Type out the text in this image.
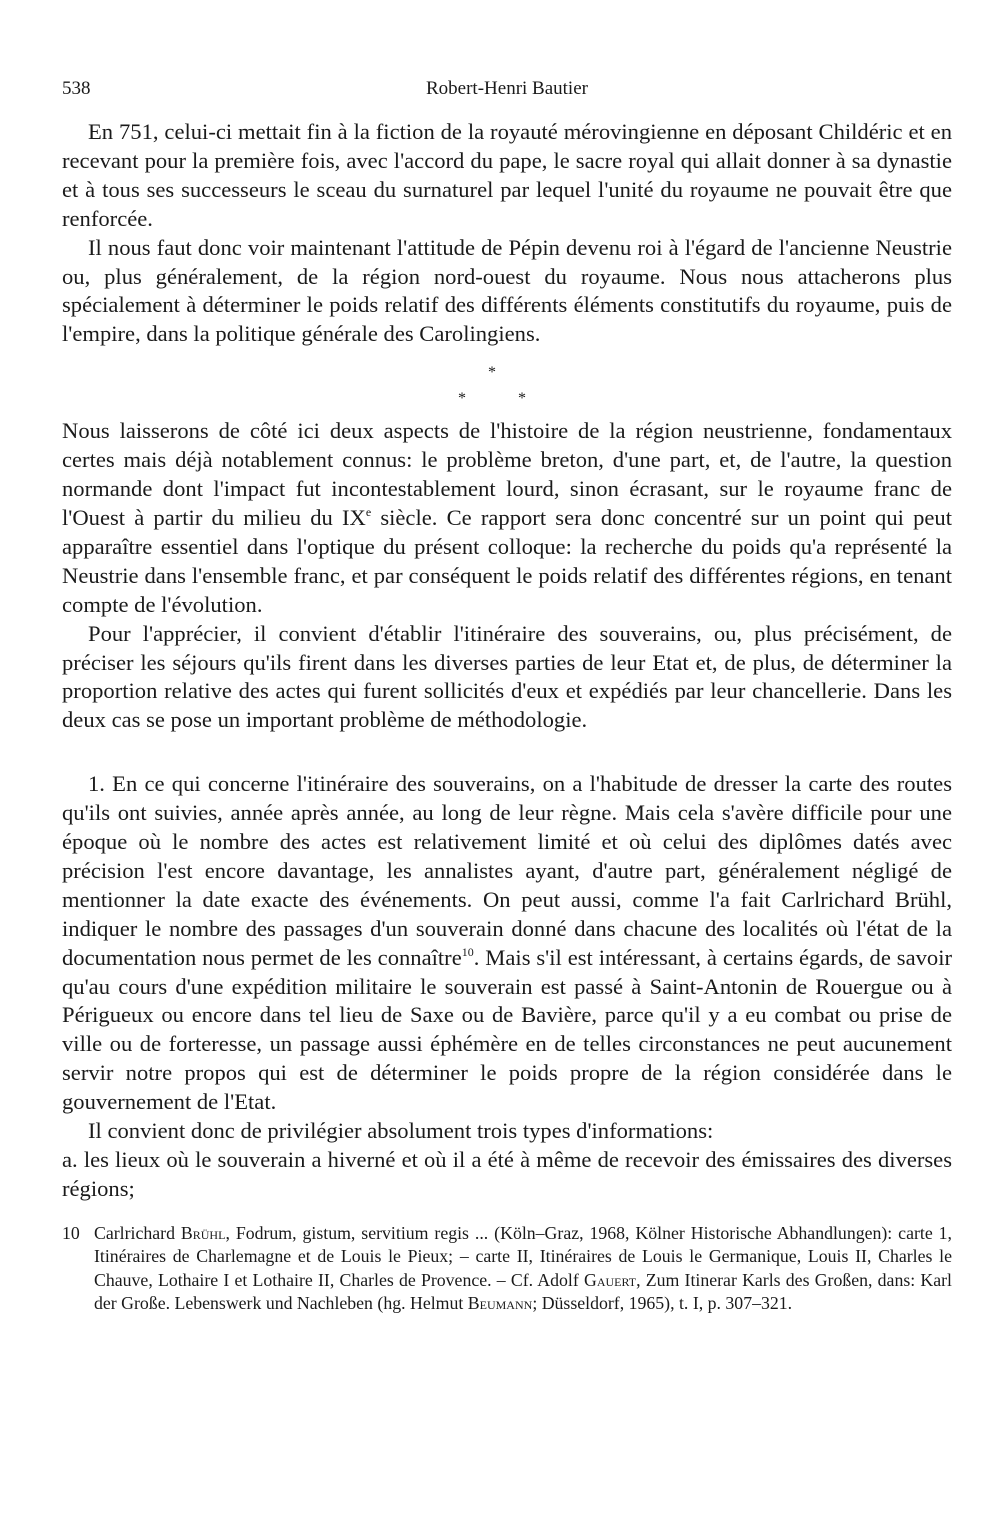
538	Robert-Henri Bautier

En 751, celui-ci mettait fin à la fiction de la royauté mérovingienne en déposant Childéric et en recevant pour la première fois, avec l'accord du pape, le sacre royal qui allait donner à sa dynastie et à tous ses successeurs le sceau du surnaturel par lequel l'unité du royaume ne pouvait être que renforcée.

Il nous faut donc voir maintenant l'attitude de Pépin devenu roi à l'égard de l'ancienne Neustrie ou, plus généralement, de la région nord-ouest du royaume. Nous nous attacherons plus spécialement à déterminer le poids relatif des différents éléments constitutifs du royaume, puis de l'empire, dans la politique générale des Carolingiens.

*
*	*

Nous laisserons de côté ici deux aspects de l'histoire de la région neustrienne, fondamentaux certes mais déjà notablement connus: le problème breton, d'une part, et, de l'autre, la question normande dont l'impact fut incontestablement lourd, sinon écrasant, sur le royaume franc de l'Ouest à partir du milieu du IXe siècle. Ce rapport sera donc concentré sur un point qui peut apparaître essentiel dans l'optique du présent colloque: la recherche du poids qu'a représenté la Neustrie dans l'ensemble franc, et par conséquent le poids relatif des différentes régions, en tenant compte de l'évolution.

Pour l'apprécier, il convient d'établir l'itinéraire des souverains, ou, plus précisément, de préciser les séjours qu'ils firent dans les diverses parties de leur Etat et, de plus, de déterminer la proportion relative des actes qui furent sollicités d'eux et expédiés par leur chancellerie. Dans les deux cas se pose un important problème de méthodologie.

1. En ce qui concerne l'itinéraire des souverains, on a l'habitude de dresser la carte des routes qu'ils ont suivies, année après année, au long de leur règne. Mais cela s'avère difficile pour une époque où le nombre des actes est relativement limité et où celui des diplômes datés avec précision l'est encore davantage, les annalistes ayant, d'autre part, généralement négligé de mentionner la date exacte des événements. On peut aussi, comme l'a fait Carlrichard Brühl, indiquer le nombre des passages d'un souverain donné dans chacune des localités où l'état de la documentation nous permet de les connaître$^{10}$. Mais s'il est intéressant, à certains égards, de savoir qu'au cours d'une expédition militaire le souverain est passé à Saint-Antonin de Rouergue ou à Périgueux ou encore dans tel lieu de Saxe ou de Bavière, parce qu'il y a eu combat ou prise de ville ou de forteresse, un passage aussi éphémère en de telles circonstances ne peut aucunement servir notre propos qui est de déterminer le poids propre de la région considérée dans le gouvernement de l'Etat.

Il convient donc de privilégier absolument trois types d'informations:

a. les lieux où le souverain a hiverné et où il a été à même de recevoir des émissaires des diverses régions;

10 Carlrichard Brühl, Fodrum, gistum, servitium regis ... (Köln–Graz, 1968, Kölner Historische Abhandlungen): carte 1, Itinéraires de Charlemagne et de Louis le Pieux; – carte II, Itinéraires de Louis le Germanique, Louis II, Charles le Chauve, Lothaire I et Lothaire II, Charles de Provence. – Cf. Adolf Gauert, Zum Itinerar Karls des Großen, dans: Karl der Große. Lebenswerk und Nachleben (hg. Helmut Beumann; Düsseldorf, 1965), t. I, p. 307–321.
